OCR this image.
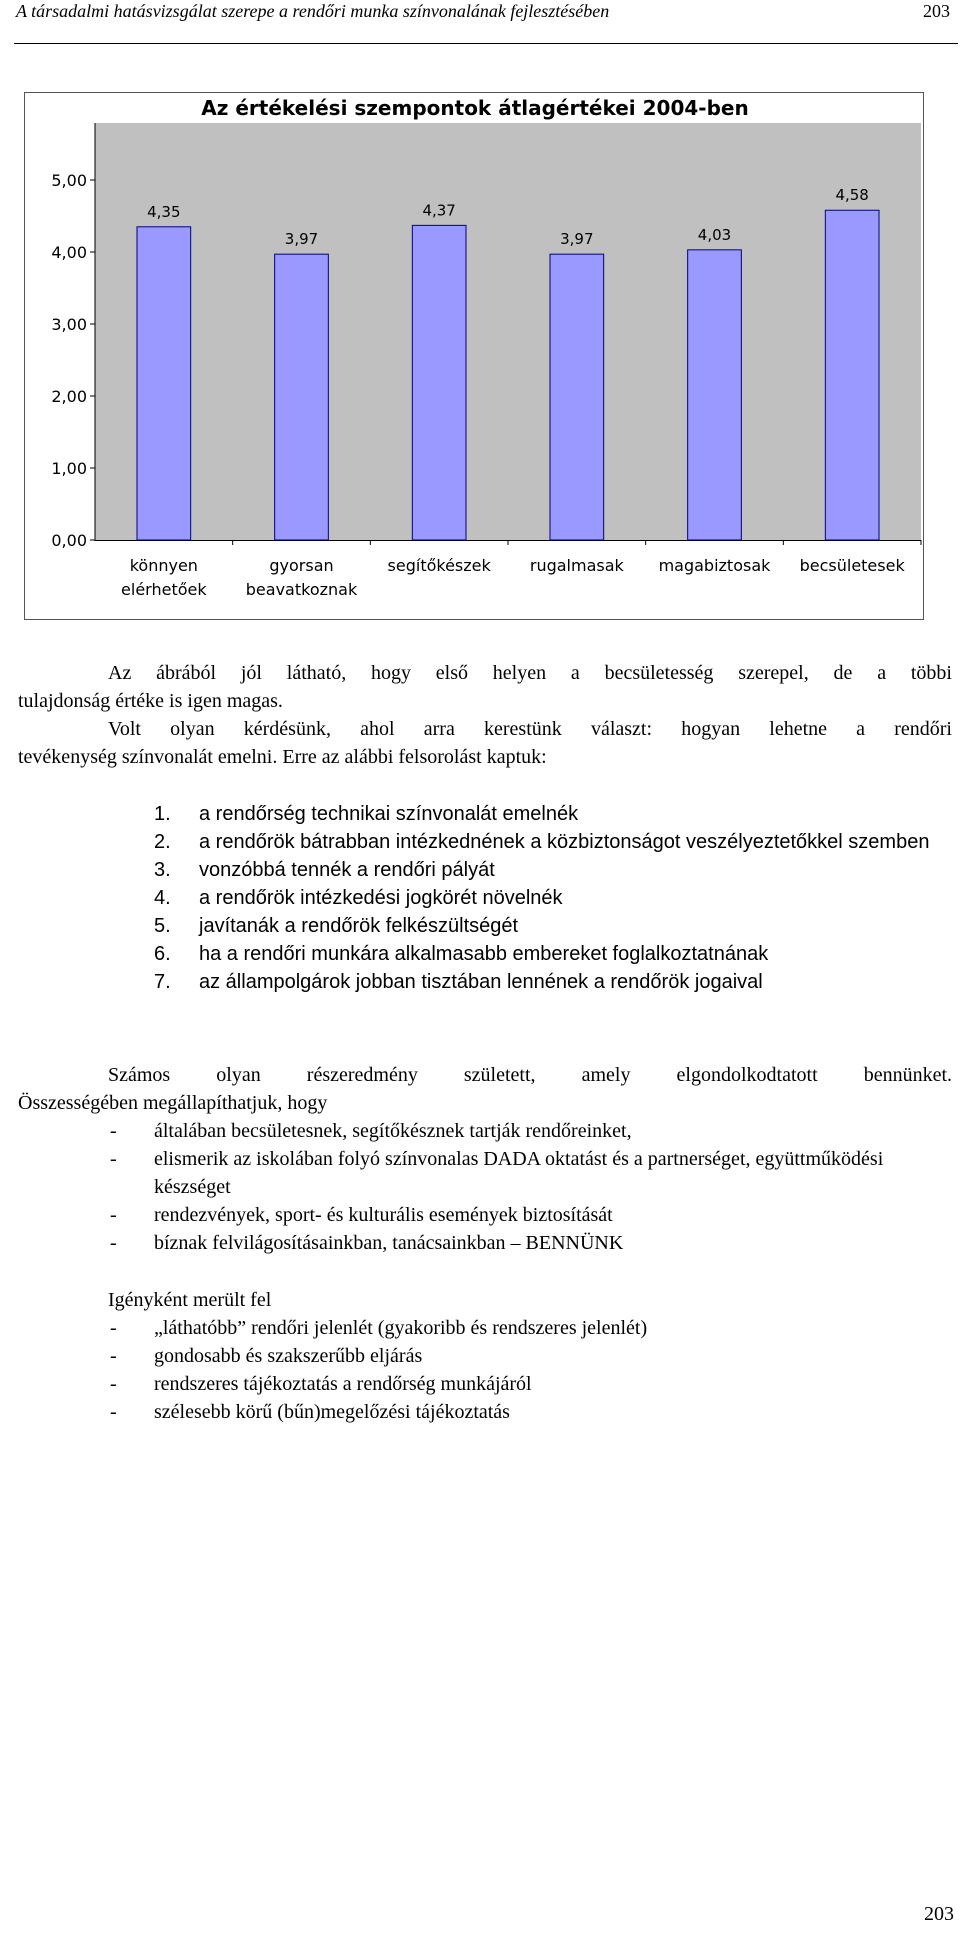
A társadalmi hatásvizsgálat szerepe a rendőri munka színvonalának fejlesztésében	203
Az értékelési szempontok átlagértékei 2004-ben
0,00
1,00
2,00
3,00
4,00
5,00
4,35
könnyen
elérhetőek
3,97
gyorsan
beavatkoznak
4,37
segítőkészek
3,97
rugalmasak
4,03
magabiztosak
4,58
becsületesek
Az ábrából jól látható, hogy első helyen a becsületesség szerepel, de a többi
tulajdonság értéke is igen magas.
Volt olyan kérdésünk, ahol arra kerestünk választ: hogyan lehetne a rendőri
tevékenység színvonalát emelni. Erre az alábbi felsorolást kaptuk:
1. a rendőrség technikai színvonalát emelnék
2. a rendőrök bátrabban intézkednének a közbiztonságot veszélyeztetőkkel szemben
3. vonzóbbá tennék a rendőri pályát
4. a rendőrök intézkedési jogkörét növelnék
5. javítanák a rendőrök felkészültségét
6. ha a rendőri munkára alkalmasabb embereket foglalkoztatnának
7. az állampolgárok jobban tisztában lennének a rendőrök jogaival
Számos olyan részeredmény született, amely elgondolkodtatott bennünket.
Összességében megállapíthatjuk, hogy
- általában becsületesnek, segítőkésznek tartják rendőreinket,
- elismerik az iskolában folyó színvonalas DADA oktatást és a partnerséget, együttműködési készséget
- rendezvények, sport- és kulturális események biztosítását
- bíznak felvilágosításainkban, tanácsainkban – BENNÜNK
Igényként merült fel
- „láthatóbb” rendőri jelenlét (gyakoribb és rendszeres jelenlét)
- gondosabb és szakszerűbb eljárás
- rendszeres tájékoztatás a rendőrség munkájáról
- szélesebb körű (bűn)megelőzési tájékoztatás
203
